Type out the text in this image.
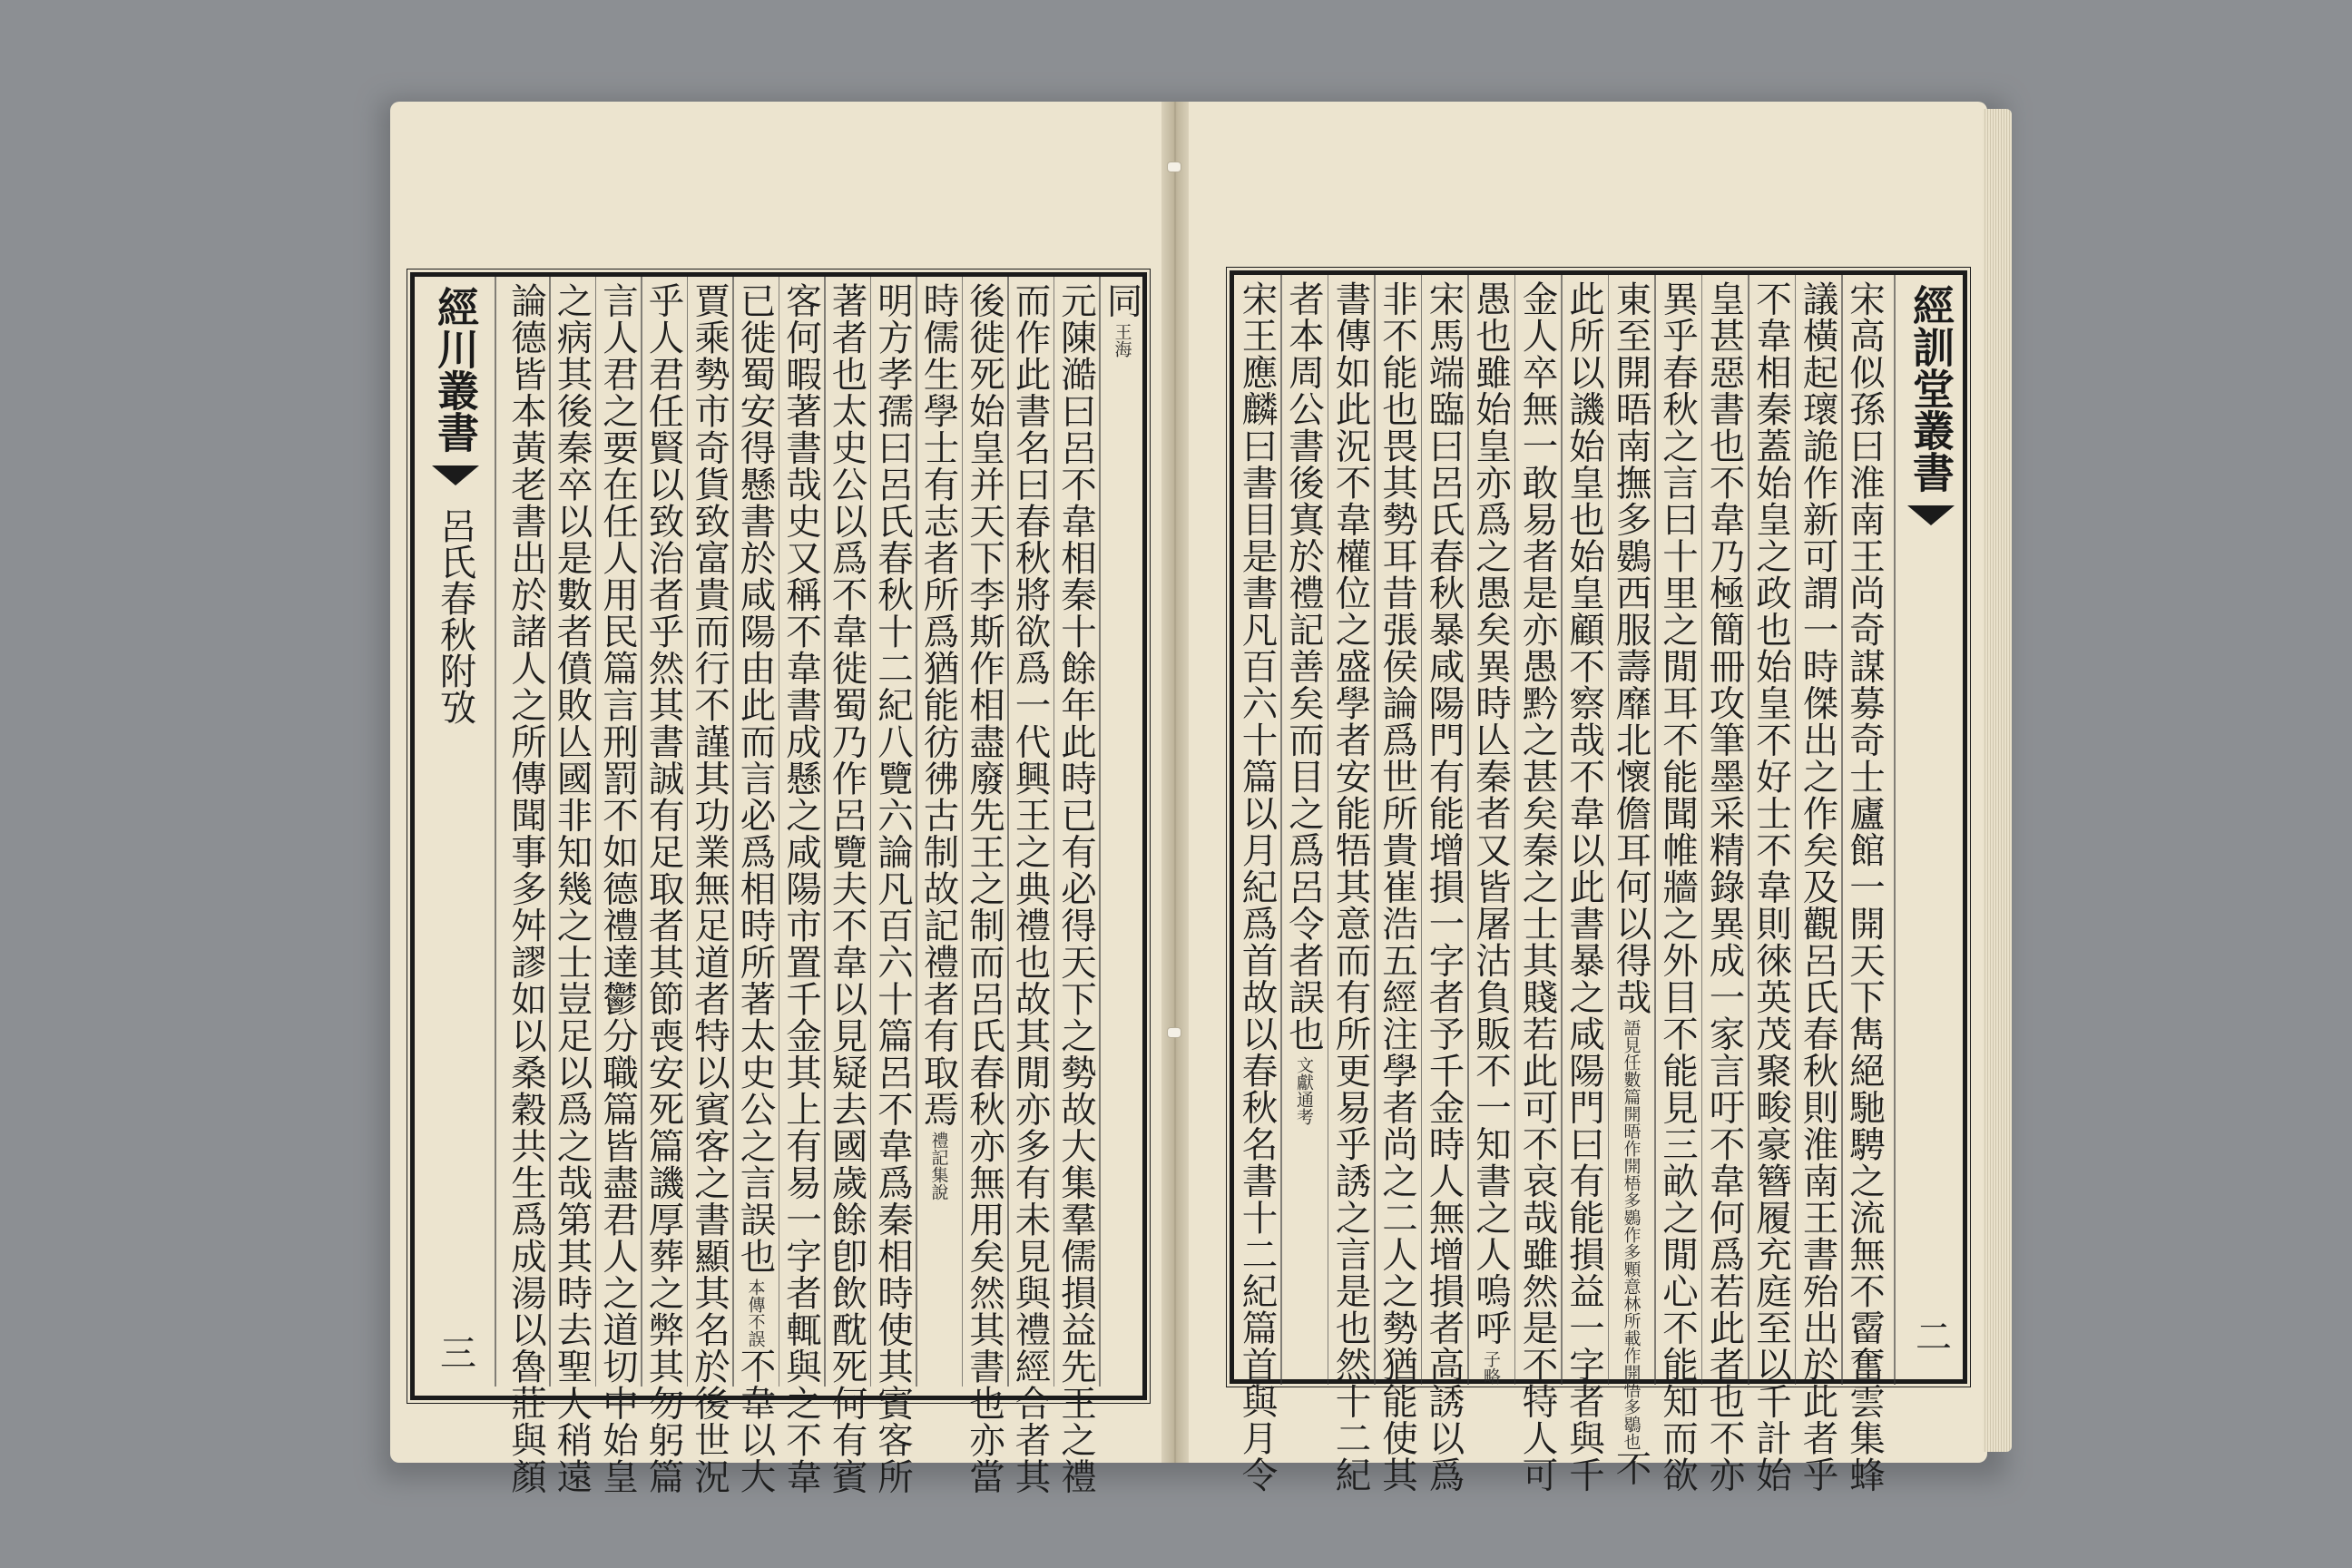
經川叢書
呂氏春秋附攷
三 論德皆本黃老書出於諸人之所傳聞事多舛謬如以桑穀共生爲成湯以魯莊與顏 之病其後秦卒以是數者僨敗亾國非知幾之士豈足以爲之哉第其時去聖人稍遠 言人君之要在任人用民篇言刑罰不如德禮達鬱分職篇皆盡君人之道切中始皇 乎人君任賢以致治者乎然其書誠有足取者其節喪安死篇譏厚葬之弊其勿躬篇 賈乘勢市奇貨致富貴而行不謹其功業無足道者特以賓客之書顯其名於後世況 已徙蜀安得懸書於咸陽由此而言必爲相時所著太史公之言誤也
本傳不誤
不韋以大 客何暇著書哉史又稱不韋書成懸之咸陽市置千金其上有易一字者輒與之不韋 著者也太史公以爲不韋徙蜀乃作呂覽夫不韋以見疑去國歲餘卽飲酖死何有賓 明方孝孺曰呂氏春秋十二紀八覽六論凡百六十篇呂不韋爲秦相時使其賓客所 時儒生學士有志者所爲猶能彷彿古制故記禮者有取焉
禮記集說 後徙死始皇并天下李斯作相盡廢先王之制而呂氏春秋亦無用矣然其書也亦當 而作此書名曰春秋將欲爲一代興王之典禮也故其閒亦多有未見與禮經合者其 元陳澔曰呂不韋相秦十餘年此時已有必得天下之勢故大集羣儒損益先王之禮 同
王海	宋高似孫曰淮南王尚奇謀募奇士廬館一開天下雋絕馳騁之流無不霤奮雲集蜂
議橫起瓌詭作新可謂一時傑出之作矣及觀呂氏春秋則淮南王書殆出於此者乎
不韋相秦蓋始皇之政也始皇不好士不韋則徠英茂聚畯豪簪履充庭至以千計始
皇甚惡書也不韋乃極簡冊攻筆墨采精錄異成一家言吁不韋何爲若此者也不亦
異乎春秋之言曰十里之閒耳不能聞帷牆之外目不能見三畝之閒心不能知而欲
東至開晤南撫多鷃西服壽靡北懷儋耳何以得哉
語見任數篇開晤作開梧多鷃作多顆意林所載作開悟多鶡也
不
此所以譏始皇也始皇顧不察哉不韋以此書暴之咸陽門曰有能損益一字者與千
金人卒無一敢易者是亦愚黔之甚矣秦之士其賤若此可不哀哉雖然是不特人可
愚也雖始皇亦爲之愚矣異時亾秦者又皆屠沽負販不一知書之人嗚呼
子略
宋馬端臨曰呂氏春秋暴咸陽門有能增損一字者予千金時人無增損者高誘以爲
非不能也畏其勢耳昔張侯論爲世所貴崔浩五經注學者尚之二人之勢猶能使其
書傳如此況不韋權位之盛學者安能牾其意而有所更易乎誘之言是也然十二紀
者本周公書後寘於禮記善矣而目之爲呂令者誤也
文獻通考
宋王應麟曰書目是書凡百六十篇以月紀爲首故以春秋名書十二紀篇首與月令	經訓堂叢書
二
